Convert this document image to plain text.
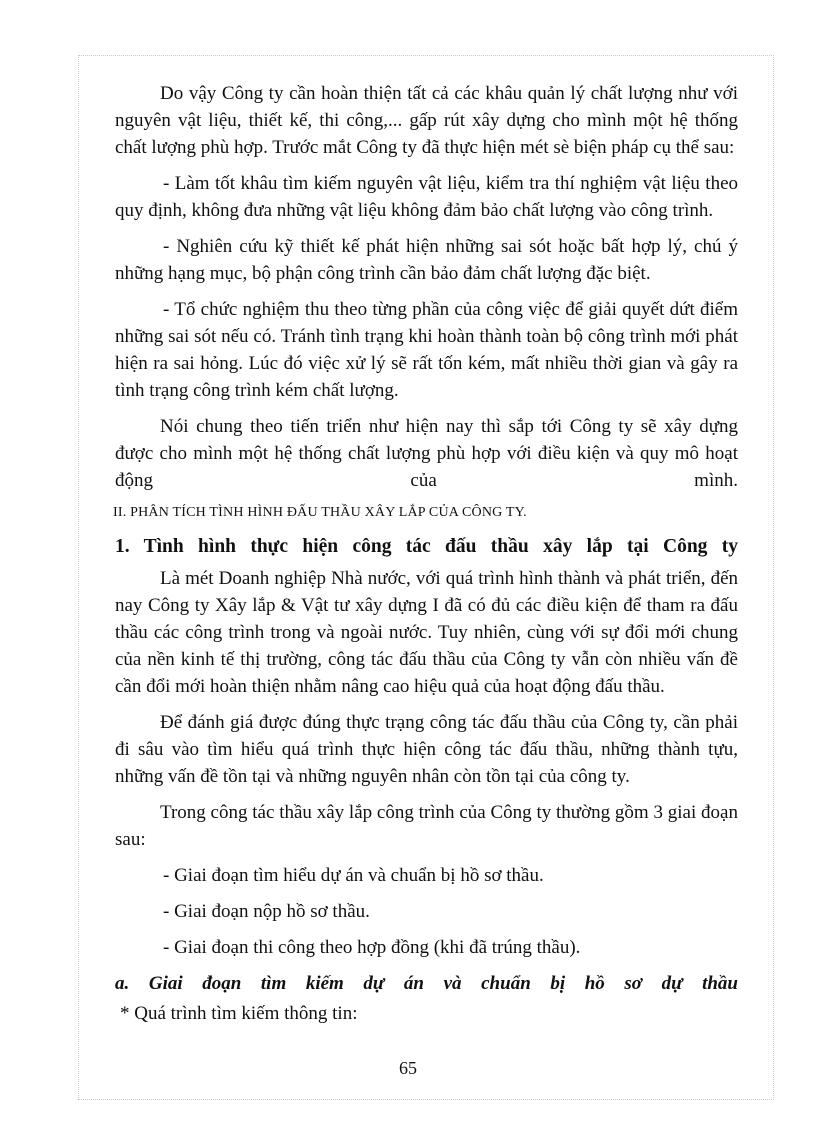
Do vậy Công ty cần hoàn thiện tất cả các khâu quản lý chất lượng như với nguyên vật liệu, thiết kế, thi công,... gấp rút xây dựng cho mình một hệ thống chất lượng phù hợp. Trước mắt Công ty đã thực hiện mét sè biện pháp cụ thể sau:

- Làm tốt khâu tìm kiếm nguyên vật liệu, kiểm tra thí nghiệm vật liệu theo quy định, không đưa những vật liệu không đảm bảo chất lượng vào công trình.

- Nghiên cứu kỹ thiết kế phát hiện những sai sót hoặc bất hợp lý, chú ý những hạng mục, bộ phận công trình cần bảo đảm chất lượng đặc biệt.

- Tổ chức nghiệm thu theo từng phần của công việc để giải quyết dứt điểm những sai sót nếu có. Tránh tình trạng khi hoàn thành toàn bộ công trình mới phát hiện ra sai hỏng. Lúc đó việc xử lý sẽ rất tốn kém, mất nhiều thời gian và gây ra tình trạng công trình kém chất lượng.

Nói chung theo tiến triển như hiện nay thì sắp tới Công ty sẽ xây dựng được cho mình một hệ thống chất lượng phù hợp với điều kiện và quy mô hoạt động của mình.

II. PHÂN TÍCH TÌNH HÌNH ĐẤU THẦU XÂY LẮP CỦA CÔNG TY.
1. Tình hình thực hiện công tác đấu thầu xây lắp tại Công ty

Là mét Doanh nghiệp Nhà nước, với quá trình hình thành và phát triển, đến nay Công ty Xây lắp & Vật tư xây dựng I đã có đủ các điều kiện để tham ra đấu thầu các công trình trong và ngoài nước. Tuy nhiên, cùng với sự đổi mới chung của nền kinh tế thị trường, công tác đấu thầu của Công ty vẫn còn nhiều vấn đề cần đổi mới hoàn thiện nhằm nâng cao hiệu quả của hoạt động đấu thầu.

Để đánh giá được đúng thực trạng công tác đấu thầu của Công ty, cần phải đi sâu vào tìm hiểu quá trình thực hiện công tác đấu thầu, những thành tựu, những vấn đề tồn tại và những nguyên nhân còn tồn tại của công ty.

Trong công tác thầu xây lắp công trình của Công ty thường gồm 3 giai đoạn sau:

- Giai đoạn tìm hiểu dự án và chuẩn bị hồ sơ thầu.

- Giai đoạn nộp hồ sơ thầu.

- Giai đoạn thi công theo hợp đồng (khi đã trúng thầu).

a. Giai đoạn tìm kiếm dự án và chuẩn bị hồ sơ dự thầu

* Quá trình tìm kiếm thông tin:

65
